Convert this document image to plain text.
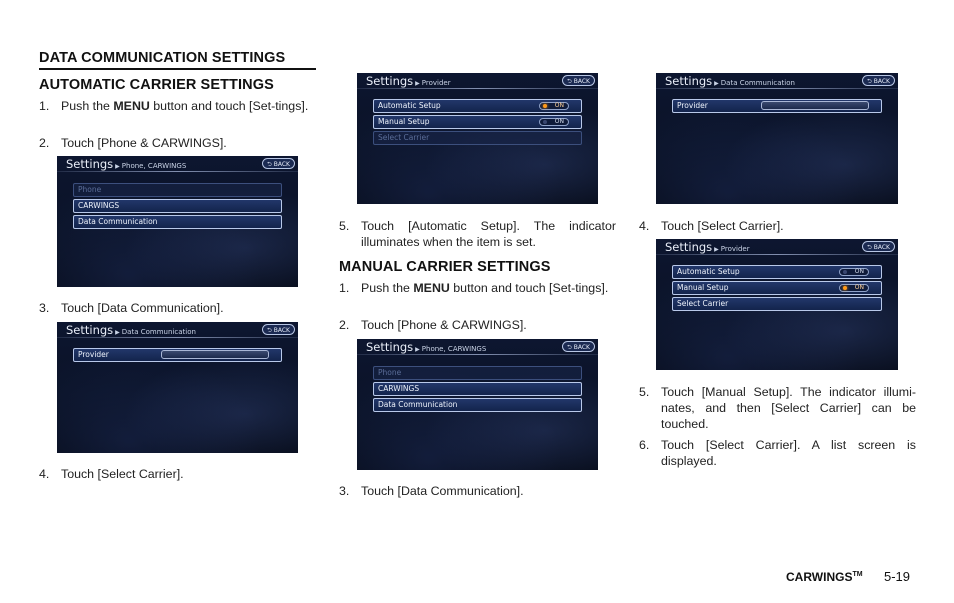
DATA COMMUNICATION SETTINGS
AUTOMATIC CARRIER SETTINGS
1. Push the MENU button and touch [Set-tings].
2. Touch [Phone & CARWINGS].
Settings ▶ Phone, CARWINGS	⮌ BACK
Phone
CARWINGS
Data Communication
3. Touch [Data Communication].
Settings ▶ Data Communication	⮌ BACK
Provider
4. Touch [Select Carrier].
Settings ▶ Provider	⮌ BACK
Automatic Setup	ON
Manual Setup	ON
Select Carrier
5. Touch [Automatic Setup]. The indicator illuminates when the item is set.
MANUAL CARRIER SETTINGS
1. Push the MENU button and touch [Set-tings].
2. Touch [Phone & CARWINGS].
Settings ▶ Phone, CARWINGS	⮌ BACK
Phone
CARWINGS
Data Communication
3. Touch [Data Communication].
Settings ▶ Data Communication	⮌ BACK
Provider
4. Touch [Select Carrier].
Settings ▶ Provider	⮌ BACK
Automatic Setup	ON
Manual Setup	ON
Select Carrier
5. Touch [Manual Setup]. The indicator illumi-nates, and then [Select Carrier] can be touched.
6. Touch [Select Carrier]. A list screen is displayed.
CARWINGS™ 5-19
